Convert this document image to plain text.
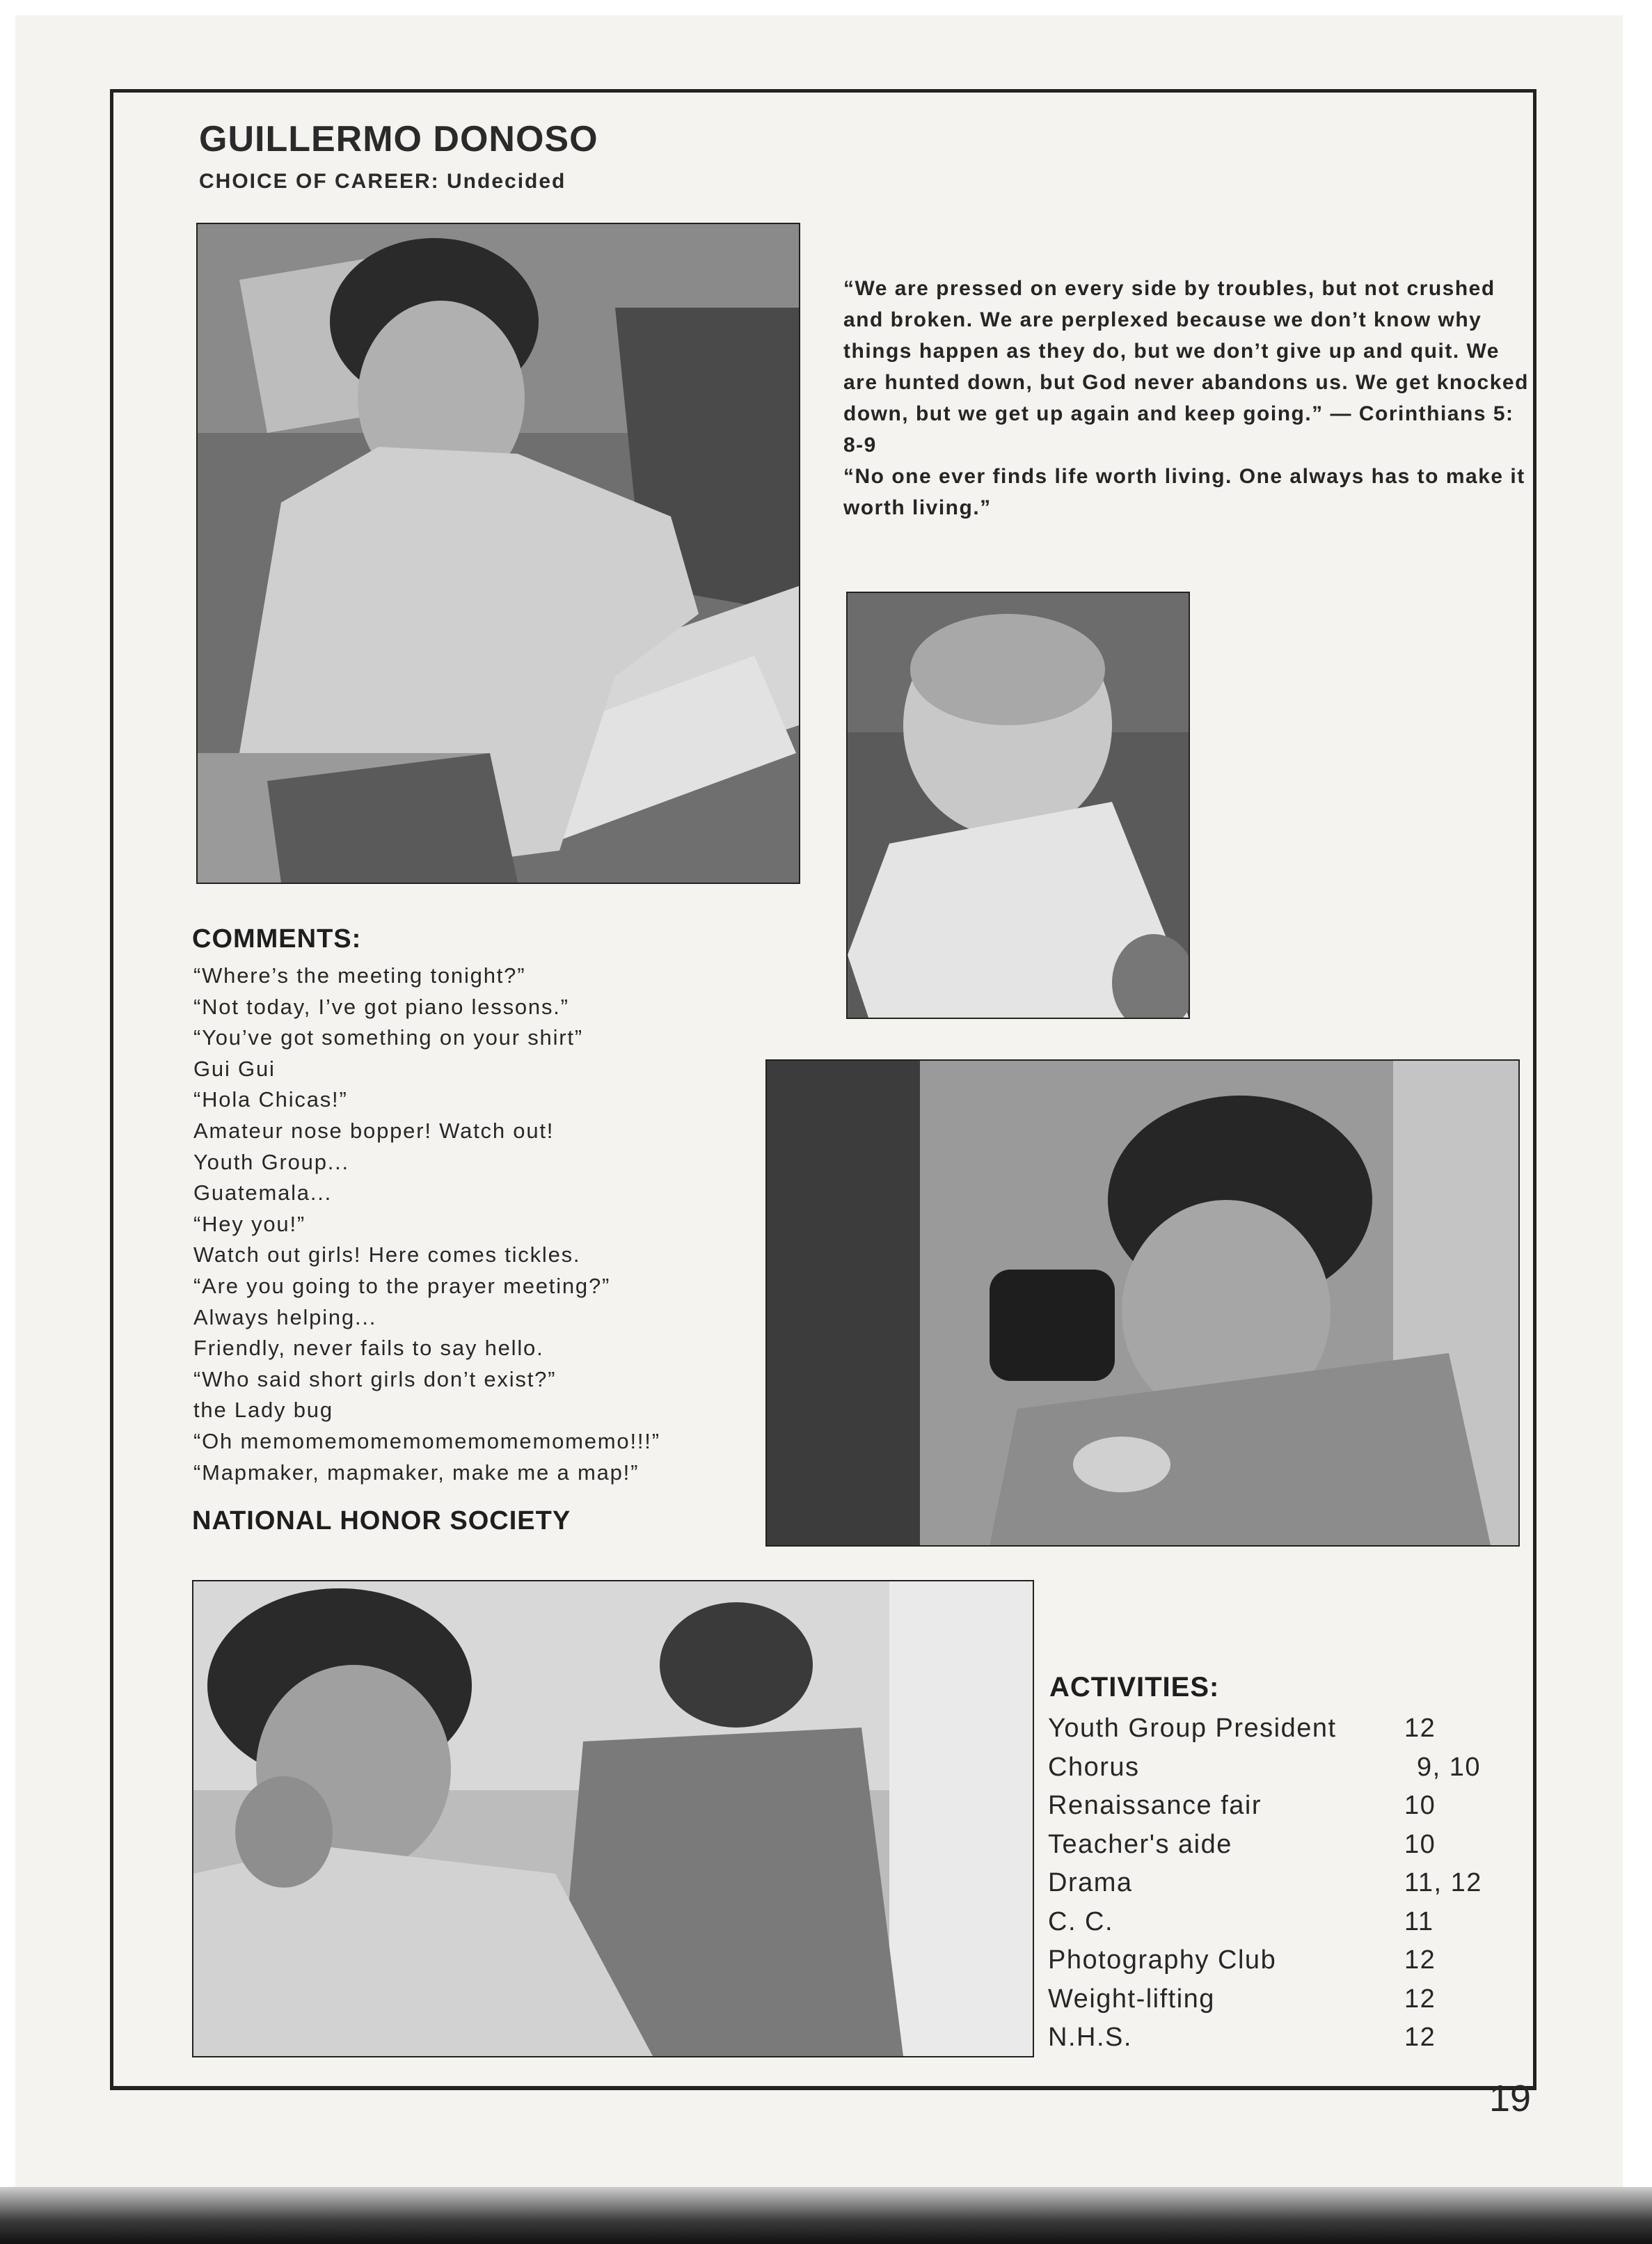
GUILLERMO DONOSO
CHOICE OF CAREER: Undecided

“We are pressed on every side by troubles, but not crushed and broken. We are perplexed because we don’t know why things happen as they do, but we don’t give up and quit. We are hunted down, but God never abandons us. We get knocked down, but we get up again and keep going.” — Corinthians 5: 8-9

“No one ever finds life worth living. One always has to make it worth living.”

COMMENTS:
“Where’s the meeting tonight?”
“Not today, I’ve got piano lessons.”
“You’ve got something on your shirt”
Gui Gui
“Hola Chicas!”
Amateur nose bopper! Watch out!
Youth Group...
Guatemala...
“Hey you!”
Watch out girls! Here comes tickles.
“Are you going to the prayer meeting?”
Always helping...
Friendly, never fails to say hello.
“Who said short girls don’t exist?”
the Lady bug
“Oh memomemomemomemomemomemo!!!”
“Mapmaker, mapmaker, make me a map!”
NATIONAL HONOR SOCIETY
ACTIVITIES:
Youth Group President	12
Chorus	9, 10
Renaissance fair	10
Teacher's aide	10
Drama	11, 12
C. C.	11
Photography Club	12
Weight-lifting	12
N.H.S.	12
19
